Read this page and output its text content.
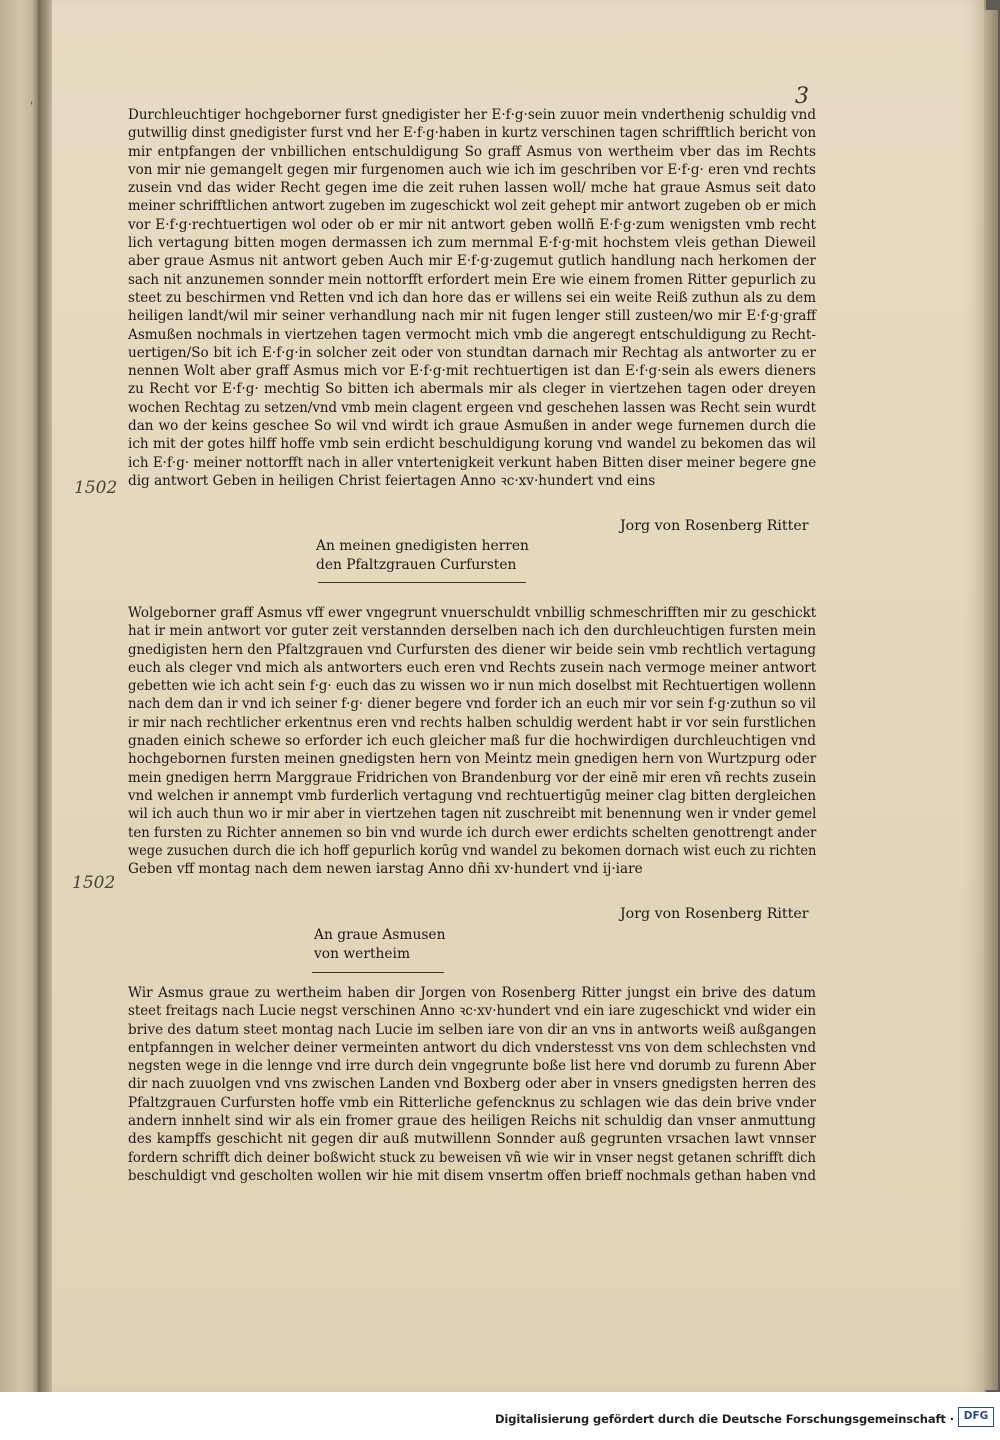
ˈ	3

Durchleuchtiger hochgeborner furst gnedigister her E·f·g·sein zuuor mein vnderthenig schuldig vnd
gutwillig dinst gnedigister furst vnd her E·f·g·haben in kurtz verschinen tagen schrifftlich bericht von
mir entpfangen der vnbillichen entschuldigung So graff Asmus von wertheim vber das im Rechts
von mir nie gemangelt gegen mir furgenomen auch wie ich im geschriben vor E·f·g· eren vnd rechts
zusein vnd das wider Recht gegen ime die zeit ruhen lassen woll/ mche hat graue Asmus seit dato
meiner schrifftlichen antwort zugeben im zugeschickt wol zeit gehept mir antwort zugeben ob er mich
vor E·f·g·rechtuertigen wol oder ob er mir nit antwort geben wollñ E·f·g·zum wenigsten vmb recht
lich vertagung bitten mogen dermassen ich zum mernmal E·f·g·mit hochstem vleis gethan Dieweil
aber graue Asmus nit antwort geben Auch mir E·f·g·zugemut gutlich handlung nach herkomen der
sach nit anzunemen sonnder mein nottorfft erfordert mein Ere wie einem fromen Ritter gepurlich zu
steet zu beschirmen vnd Retten vnd ich dan hore das er willens sei ein weite Reiß zuthun als zu dem
heiligen landt/wil mir seiner verhandlung nach mir nit fugen lenger still zusteen/wo mir E·f·g·graff
Asmußen nochmals in viertzehen tagen vermocht mich vmb die angeregt entschuldigung zu Recht-
uertigen/So bit ich E·f·g·in solcher zeit oder von stundtan darnach mir Rechtag als antworter zu er
nennen Wolt aber graff Asmus mich vor E·f·g·mit rechtuertigen ist dan E·f·g·sein als ewers dieners
zu Recht vor E·f·g· mechtig So bitten ich abermals mir als cleger in viertzehen tagen oder dreyen
wochen Rechtag zu setzen/vnd vmb mein clagent ergeen vnd geschehen lassen was Recht sein wurdt
dan wo der keins geschee So wil vnd wirdt ich graue Asmußen in ander wege furnemen durch die
ich mit der gotes hilff hoffe vmb sein erdicht beschuldigung korung vnd wandel zu bekomen das wil
ich E·f·g· meiner nottorfft nach in aller vntertenigkeit verkunt haben Bitten diser meiner begere gne
dig antwort Geben in heiligen Christ feiertagen Anno ꝛc·xv·hundert vnd eins

1502
Jorg von Rosenberg Ritter
An meinen gnedigisten herren
den Pfaltzgrauen Curfursten

Wolgeborner graff Asmus vff ewer vngegrunt vnuerschuldt vnbillig schmeschrifften mir zu geschickt
hat ir mein antwort vor guter zeit verstannden derselben nach ich den durchleuchtigen fursten mein
gnedigisten hern den Pfaltzgrauen vnd Curfursten des diener wir beide sein vmb rechtlich vertagung
euch als cleger vnd mich als antworters euch eren vnd Rechts zusein nach vermoge meiner antwort
gebetten wie ich acht sein f·g· euch das zu wissen wo ir nun mich doselbst mit Rechtuertigen wollenn
nach dem dan ir vnd ich seiner f·g· diener begere vnd forder ich an euch mir vor sein f·g·zuthun so vil
ir mir nach rechtlicher erkentnus eren vnd rechts halben schuldig werdent habt ir vor sein furstlichen
gnaden einich schewe so erforder ich euch gleicher maß fur die hochwirdigen durchleuchtigen vnd
hochgebornen fursten meinen gnedigsten hern von Meintz mein gnedigen hern von Wurtzpurg oder
mein gnedigen herrn Marggraue Fridrichen von Brandenburg vor der einē mir eren vñ rechts zusein
vnd welchen ir annempt vmb furderlich vertagung vnd rechtuertigūg meiner clag bitten dergleichen
wil ich auch thun wo ir mir aber in viertzehen tagen nit zuschreibt mit benennung wen ir vnder gemel
ten fursten zu Richter annemen so bin vnd wurde ich durch ewer erdichts schelten genottrengt ander
wege zusuchen durch die ich hoff gepurlich korūg vnd wandel zu bekomen dornach wist euch zu richten
Geben vff montag nach dem newen iarstag Anno dñi xv·hundert vnd ij·iare

1502
Jorg von Rosenberg Ritter
An graue Asmusen
von wertheim

Wir Asmus graue zu wertheim haben dir Jorgen von Rosenberg Ritter jungst ein brive des datum
steet freitags nach Lucie negst verschinen Anno ꝛc·xv·hundert vnd ein iare zugeschickt vnd wider ein
brive des datum steet montag nach Lucie im selben iare von dir an vns in antworts weiß außgangen
entpfanngen in welcher deiner vermeinten antwort du dich vnderstesst vns von dem schlechsten vnd
negsten wege in die lennge vnd irre durch dein vngegrunte boße list here vnd dorumb zu furenn Aber
dir nach zuuolgen vnd vns zwischen Landen vnd Boxberg oder aber in vnsers gnedigsten herren des
Pfaltzgrauen Curfursten hoffe vmb ein Ritterliche gefencknus zu schlagen wie das dein brive vnder
andern innhelt sind wir als ein fromer graue des heiligen Reichs nit schuldig dan vnser anmuttung
des kampffs geschicht nit gegen dir auß mutwillenn Sonnder auß gegrunten vrsachen lawt vnnser
fordern schrifft dich deiner boßwicht stuck zu beweisen vñ wie wir in vnser negst getanen schrifft dich
beschuldigt vnd gescholten wollen wir hie mit disem vnsertm offen brieff nochmals gethan haben vnd

Digitalisierung gefördert durch die Deutsche Forschungsgemeinschaft · DFG
